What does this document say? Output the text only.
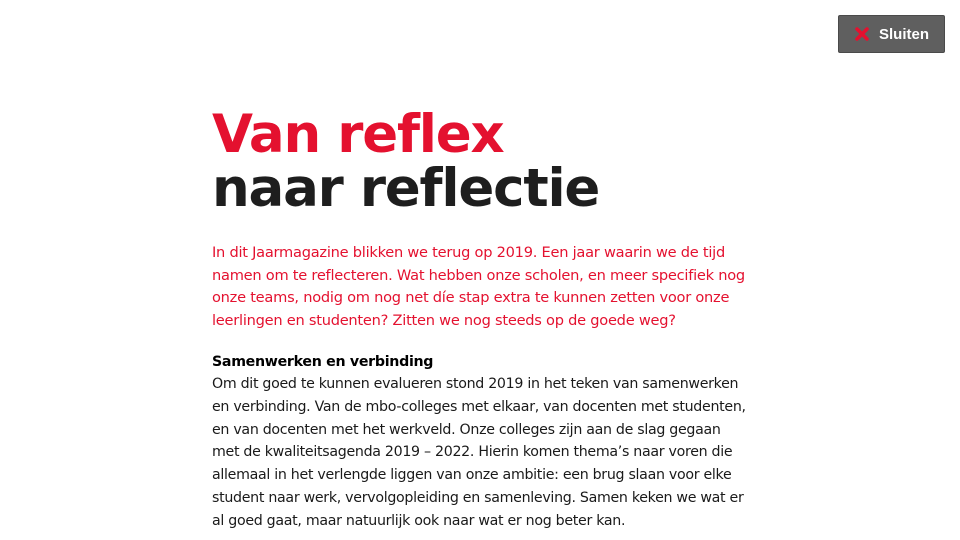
Sluiten
Van reflex
naar reflectie

In dit Jaarmagazine blikken we terug op 2019. Een jaar waarin we de tijd namen om te reflecteren. Wat hebben onze scholen, en meer specifiek nog onze teams, nodig om nog net díe stap extra te kunnen zetten voor onze leerlingen en studenten? Zitten we nog steeds op de goede weg?

Samenwerken en verbinding

Om dit goed te kunnen evalueren stond 2019 in het teken van samenwerken en verbinding. Van de mbo-colleges met elkaar, van docenten met studenten, en van docenten met het werkveld. Onze colleges zijn aan de slag gegaan met de kwaliteitsagenda 2019 – 2022. Hierin komen thema’s naar voren die allemaal in het verlengde liggen van onze ambitie: een brug slaan voor elke student naar werk, vervolgopleiding en samenleving. Samen keken we wat er al goed gaat, maar natuurlijk ook naar wat er nog beter kan.
